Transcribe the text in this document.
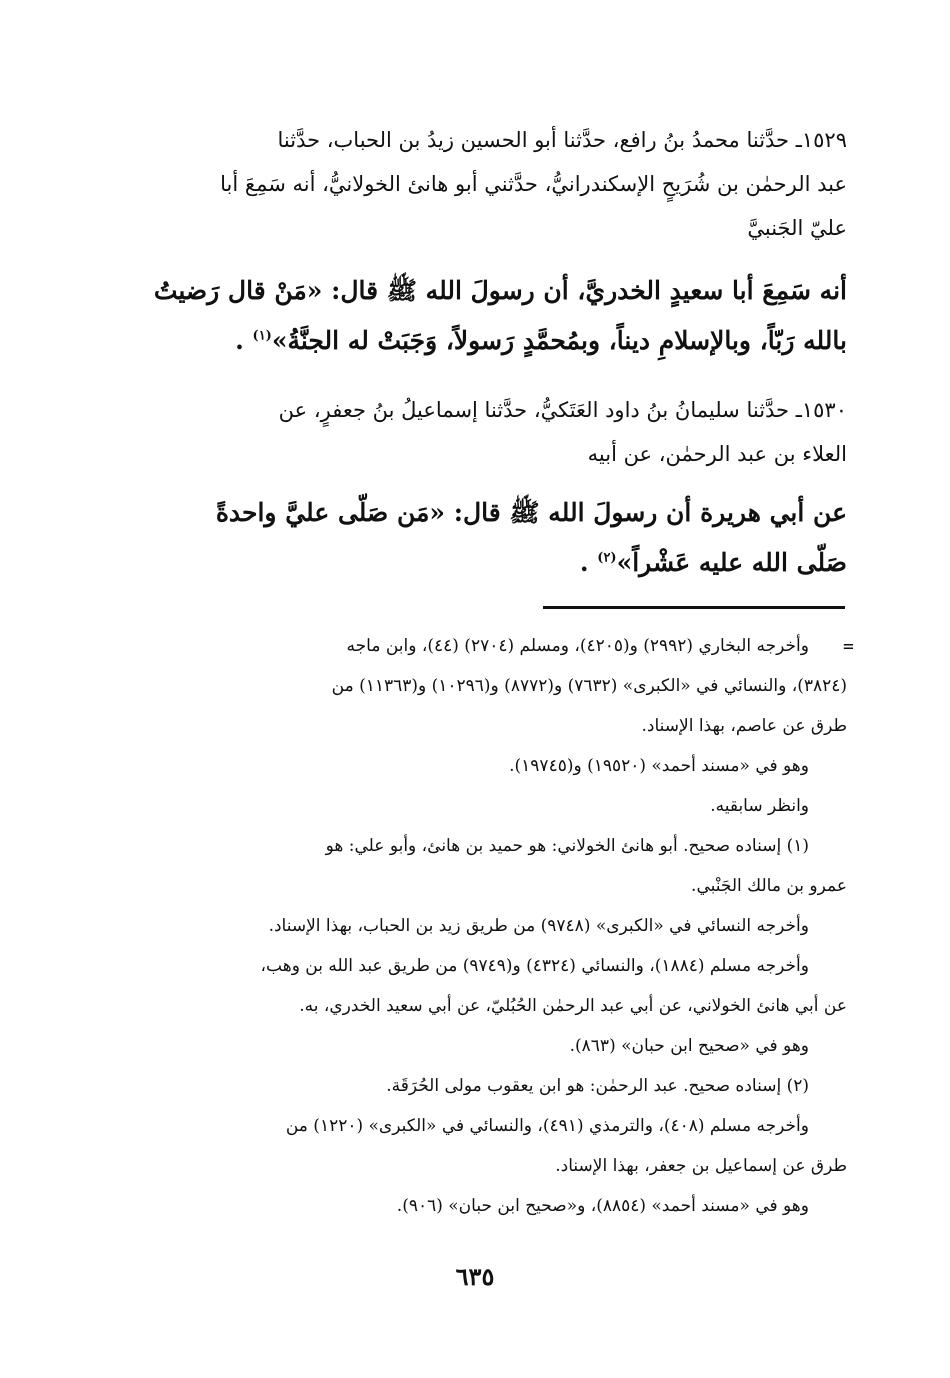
١٥٢٩ـ حدَّثنا محمدُ بنُ رافع، حدَّثنا أبو الحسين زيدُ بن الحباب، حدَّثنا
عبد الرحمٰن بن شُرَيحٍ الإسكندرانيُّ، حدَّثني أبو هانئ الخولانيُّ، أنه سَمِعَ أبا
عليّ الجَنبيَّ
أنه سَمِعَ أبا سعيدٍ الخدريَّ، أن رسولَ الله ﷺ قال: «مَنْ قال رَضيتُ
بالله رَبّاً، وبالإسلامِ ديناً، وبمُحمَّدٍ رَسولاً، وَجَبَتْ له الجنَّةُ»$^{(١)}$ .
١٥٣٠ـ حدَّثنا سليمانُ بنُ داود العَتَكيُّ، حدَّثنا إسماعيلُ بنُ جعفرٍ، عن
العلاء بن عبد الرحمٰن، عن أبيه
عن أبي هريرة أن رسولَ الله ﷺ قال: «مَن صَلّى عليَّ واحدةً
صَلّى الله عليه عَشْراً»$^{(٢)}$ .
=
وأخرجه البخاري (٢٩٩٢) و(٤٢٠٥)، ومسلم (٢٧٠٤) (٤٤)، وابن ماجه
(٣٨٢٤)، والنسائي في «الكبرى» (٧٦٣٢) و(٨٧٧٢) و(١٠٢٩٦) و(١١٣٦٣) من
طرق عن عاصم، بهذا الإسناد.
وهو في «مسند أحمد» (١٩٥٢٠) و(١٩٧٤٥).
وانظر سابقيه.
(١) إسناده صحيح. أبو هانئ الخولاني: هو حميد بن هانئ، وأبو علي: هو
عمرو بن مالك الجَنْبي.
وأخرجه النسائي في «الكبرى» (٩٧٤٨) من طريق زيد بن الحباب، بهذا الإسناد.
وأخرجه مسلم (١٨٨٤)، والنسائي (٤٣٢٤) و(٩٧٤٩) من طريق عبد الله بن وهب،
عن أبي هانئ الخولاني، عن أبي عبد الرحمٰن الحُبُليّ، عن أبي سعيد الخدري، به.
وهو في «صحيح ابن حبان» (٨٦٣).
(٢) إسناده صحيح. عبد الرحمٰن: هو ابن يعقوب مولى الحُرَقَة.
وأخرجه مسلم (٤٠٨)، والترمذي (٤٩١)، والنسائي في «الكبرى» (١٢٢٠) من
طرق عن إسماعيل بن جعفر، بهذا الإسناد.
وهو في «مسند أحمد» (٨٨٥٤)، و«صحيح ابن حبان» (٩٠٦).
٦٣٥
